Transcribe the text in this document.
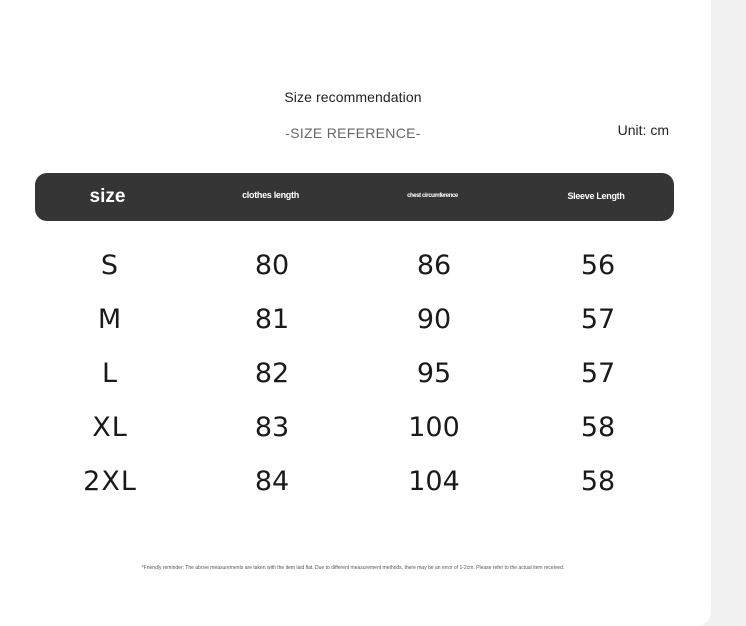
Size recommendation
-SIZE REFERENCE-	Unit: cm
size	clothes length	chest circumference	Sleeve Length
S	80	86	56
M	81	90	57
L	82	95	57
XL	83	100	58
2XL	84	104	58
*Friendly reminder: The above measurements are taken with the item laid flat. Due to different measurement methods, there may be an error of 1-2cm. Please refer to the actual item received.
